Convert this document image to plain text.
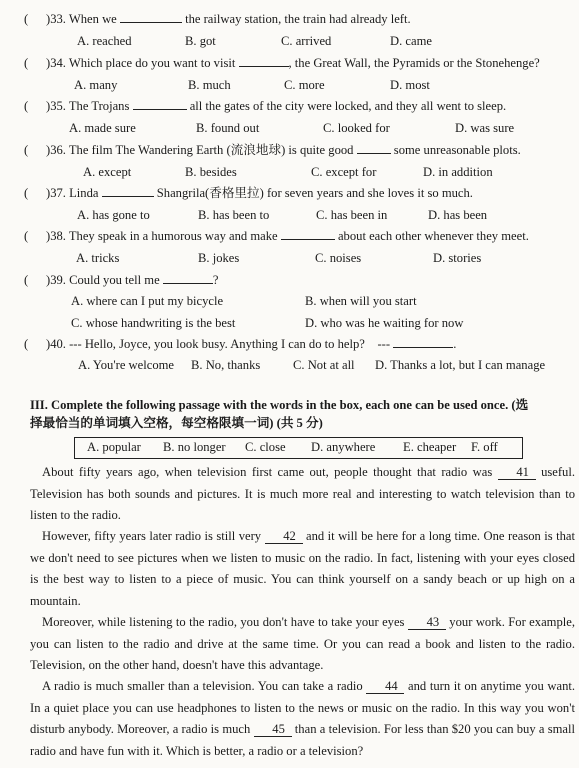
( )33. When we	the railway station, the train had already left.
A. reached	B. got	C. arrived	D. came
( )34. Which place do you want to visit	, the Great Wall, the Pyramids or the Stonehenge?
A. many	B. much	C. more	D. most
( )35. The Trojans	all the gates of the city were locked, and they all went to sleep.
A. made sure	B. found out	C. looked for	D. was sure
( )36. The film The Wandering Earth (流浪地球) is quite good	some unreasonable plots.
A. except	B. besides	C. except for	D. in addition
( )37. Linda	Shangrila(香格里拉) for seven years and she loves it so much.
A. has gone to	B. has been to	C. has been in	D. has been
( )38. They speak in a humorous way and make	about each other whenever they meet.
A. tricks	B. jokes	C. noises	D. stories
( )39. Could you tell me	?
A. where can I put my bicycle	B. when will you start
C. whose handwriting is the best	D. who was he waiting for now
( )40. --- Hello, Joyce, you look busy. Anything I can do to help? ---	.
A. You're welcome B. No, thanks	C. Not at all D. Thanks a lot, but I can manage
III. Complete the following passage with the words in the box, each one can be used once. (选
择最恰当的单词填入空格，每空格限填一词) (共 5 分)
A. popular B. no longer C. close D. anywhere E. cheaper F. off
About fifty years ago, when television first came out, people thought that radio was 41 useful. Television has both sounds and pictures. It is much more real and interesting to watch television than to listen to the radio.
However, fifty years later radio is still very 42 and it will be here for a long time. One reason is that we don't need to see pictures when we listen to music on the radio. In fact, listening with your eyes closed is the best way to listen to a piece of music. You can think yourself on a sandy beach or up high on a mountain.
Moreover, while listening to the radio, you don't have to take your eyes 43 your work. For example, you can listen to the radio and drive at the same time. Or you can read a book and listen to the radio. Television, on the other hand, doesn't have this advantage.
A radio is much smaller than a television. You can take a radio 44 and turn it on anytime you want. In a quiet place you can use headphones to listen to the news or music on the radio. In this way you won't disturb anybody. Moreover, a radio is much 45 than a television. For less than $20 you can buy a small radio and have fun with it. Which is better, a radio or a television?
